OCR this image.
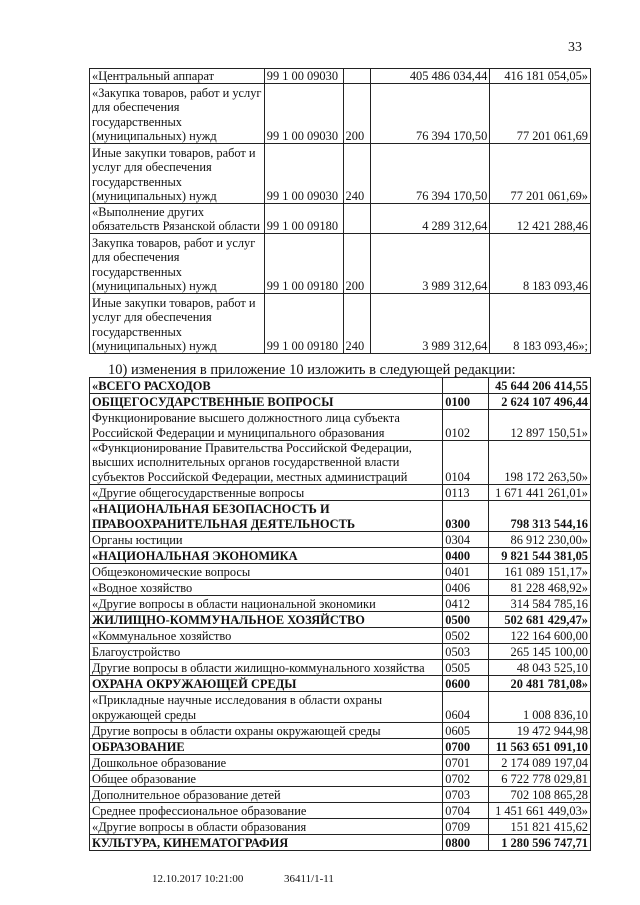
33
«Центральный аппарат	99 1 00 09030		405 486 034,44	416 181 054,05»
«Закупка товаров, работ и услуг для обеспечения государственных (муниципальных) нужд	99 1 00 09030	200	76 394 170,50	77 201 061,69
Иные закупки товаров, работ и услуг для обеспечения государственных (муниципальных) нужд	99 1 00 09030	240	76 394 170,50	77 201 061,69»
«Выполнение других обязательств Рязанской области	99 1 00 09180		4 289 312,64	12 421 288,46
Закупка товаров, работ и услуг для обеспечения государственных (муниципальных) нужд	99 1 00 09180	200	3 989 312,64	8 183 093,46
Иные закупки товаров, работ и услуг для обеспечения государственных (муниципальных) нужд	99 1 00 09180	240	3 989 312,64	8 183 093,46»;
10) изменения в приложение 10 изложить в следующей редакции:
«ВСЕГО РАСХОДОВ		45 644 206 414,55
ОБЩЕГОСУДАРСТВЕННЫЕ ВОПРОСЫ	0100	2 624 107 496,44
Функционирование высшего должностного лица субъекта Российской Федерации и муниципального образования	0102	12 897 150,51»
«Функционирование Правительства Российской Федерации, высших исполнительных органов государственной власти субъектов Российской Федерации, местных администраций	0104	198 172 263,50»
«Другие общегосударственные вопросы	0113	1 671 441 261,01»
«НАЦИОНАЛЬНАЯ БЕЗОПАСНОСТЬ И ПРАВООХРАНИТЕЛЬНАЯ ДЕЯТЕЛЬНОСТЬ	0300	798 313 544,16
Органы юстиции	0304	86 912 230,00»
«НАЦИОНАЛЬНАЯ ЭКОНОМИКА	0400	9 821 544 381,05
Общеэкономические вопросы	0401	161 089 151,17»
«Водное хозяйство	0406	81 228 468,92»
«Другие вопросы в области национальной экономики	0412	314 584 785,16
ЖИЛИЩНО-КОММУНАЛЬНОЕ ХОЗЯЙСТВО	0500	502 681 429,47»
«Коммунальное хозяйство	0502	122 164 600,00
Благоустройство	0503	265 145 100,00
Другие вопросы в области жилищно-коммунального хозяйства	0505	48 043 525,10
ОХРАНА ОКРУЖАЮЩЕЙ СРЕДЫ	0600	20 481 781,08»
«Прикладные научные исследования в области охраны окружающей среды	0604	1 008 836,10
Другие вопросы в области охраны окружающей среды	0605	19 472 944,98
ОБРАЗОВАНИЕ	0700	11 563 651 091,10
Дошкольное образование	0701	2 174 089 197,04
Общее образование	0702	6 722 778 029,81
Дополнительное образование детей	0703	702 108 865,28
Среднее профессиональное образование	0704	1 451 661 449,03»
«Другие вопросы в области образования	0709	151 821 415,62
КУЛЬТУРА, КИНЕМАТОГРАФИЯ	0800	1 280 596 747,71
12.10.2017 10:21:00	36411/1-11
